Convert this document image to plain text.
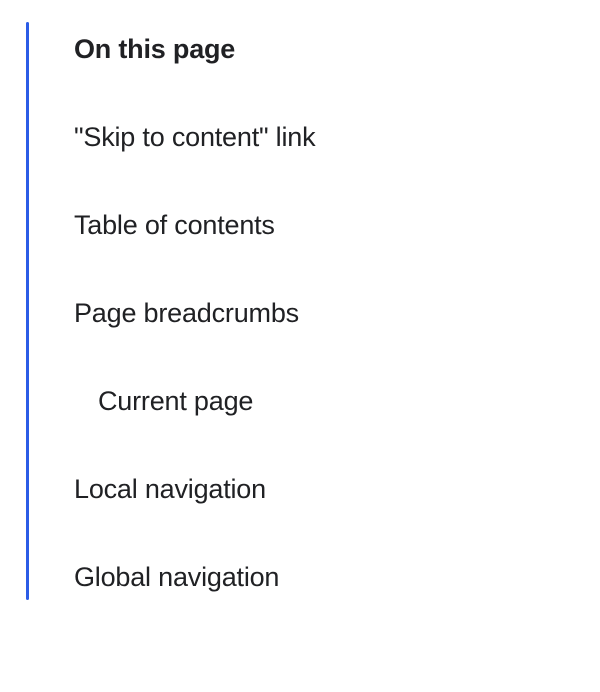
On this page
"Skip to content" link
Table of contents
Page breadcrumbs
Current page
Local navigation
Global navigation
